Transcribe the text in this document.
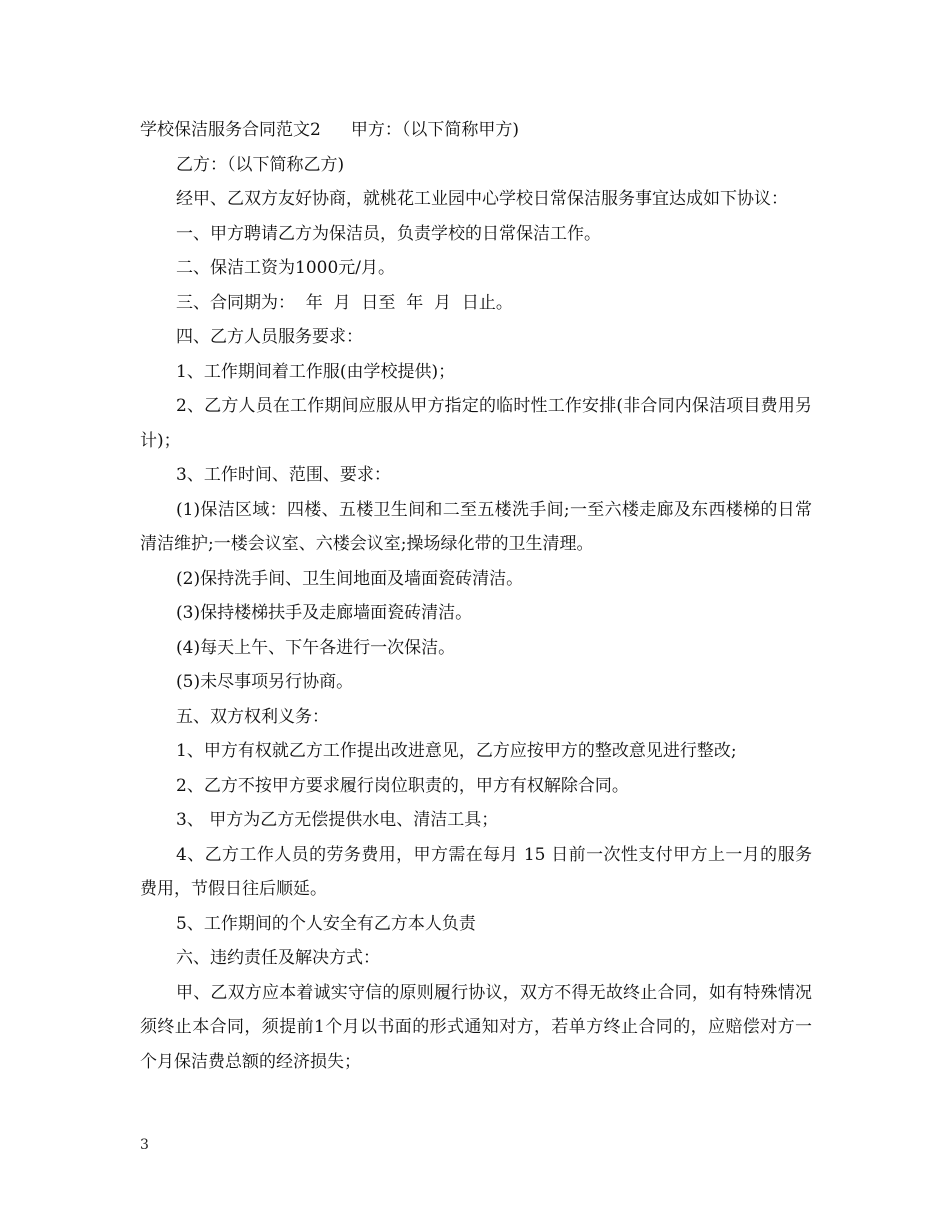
学校保洁服务合同范文2 甲方：（以下简称甲方)

乙方：（以下简称乙方)

经甲、乙双方友好协商，就桃花工业园中心学校日常保洁服务事宜达成如下协议：

一、甲方聘请乙方为保洁员，负责学校的日常保洁工作。

二、保洁工资为1000元/月。

三、合同期为：  年  月  日至  年  月  日止。

四、乙方人员服务要求：

1、工作期间着工作服(由学校提供)；

2、乙方人员在工作期间应服从甲方指定的临时性工作安排(非合同内保洁项目费用另计)；

3、工作时间、范围、要求：

(1)保洁区域：四楼、五楼卫生间和二至五楼洗手间;一至六楼走廊及东西楼梯的日常清洁维护;一楼会议室、六楼会议室;操场绿化带的卫生清理。

(2)保持洗手间、卫生间地面及墙面瓷砖清洁。

(3)保持楼梯扶手及走廊墙面瓷砖清洁。

(4)每天上午、下午各进行一次保洁。

(5)未尽事项另行协商。

五、双方权利义务：

1、甲方有权就乙方工作提出改进意见，乙方应按甲方的整改意见进行整改;

2、乙方不按甲方要求履行岗位职责的，甲方有权解除合同。

3、 甲方为乙方无偿提供水电、清洁工具；

4、乙方工作人员的劳务费用，甲方需在每月 15 日前一次性支付甲方上一月的服务费用，节假日往后顺延。

5、工作期间的个人安全有乙方本人负责

六、违约责任及解决方式：

甲、乙双方应本着诚实守信的原则履行协议，双方不得无故终止合同，如有特殊情况须终止本合同，须提前1个月以书面的形式通知对方，若单方终止合同的，应赔偿对方一个月保洁费总额的经济损失；

3
